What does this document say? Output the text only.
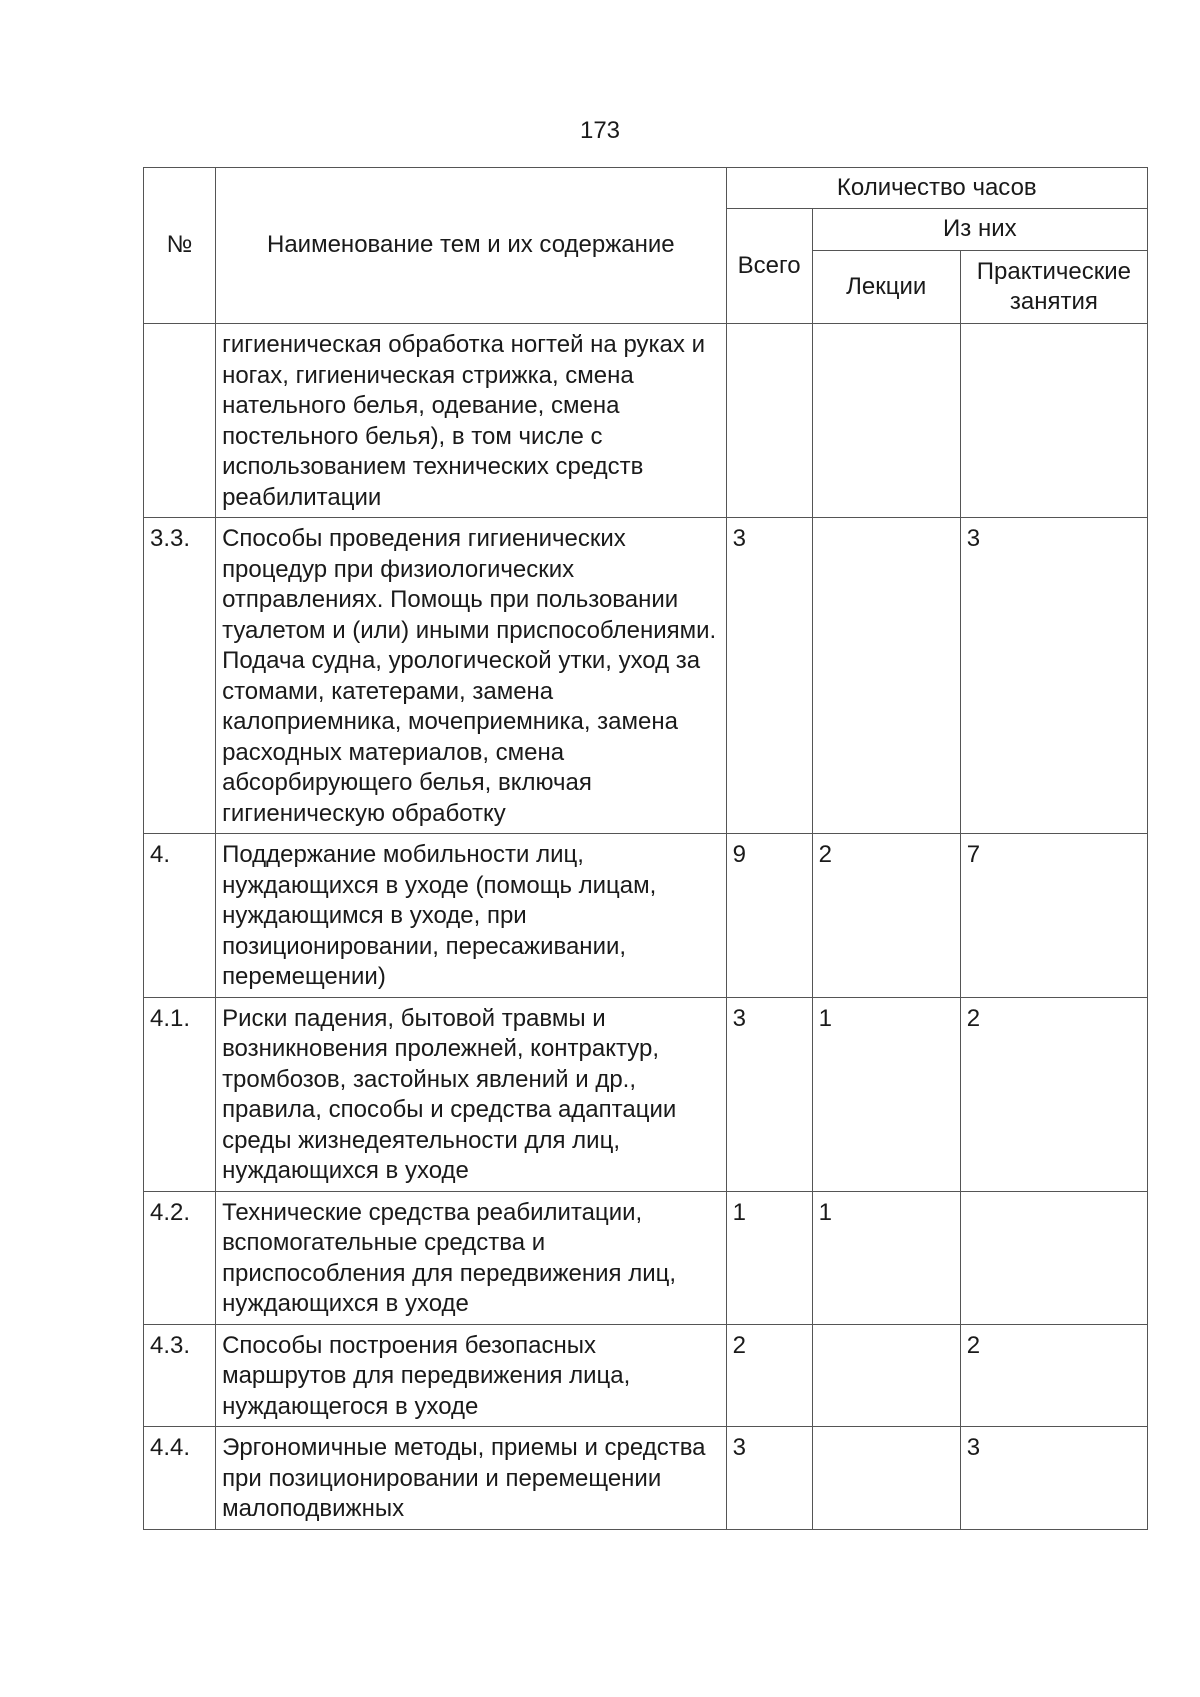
173
№	Наименование тем и их содержание	Количество часов		
		Всего	Из них	
			Лекции	Практические занятия
	гигиеническая обработка ногтей на руках и ногах, гигиеническая стрижка, смена нательного белья, одевание, смена постельного белья), в том числе с использованием технических средств реабилитации			
3.3.	Способы проведения гигиенических процедур при физиологических отправлениях. Помощь при пользовании туалетом и (или) иными приспособлениями. Подача судна, урологической утки, уход за стомами, катетерами, замена калоприемника, мочеприемника, замена расходных материалов, смена абсорбирующего белья, включая гигиеническую обработку	3		3
4.	Поддержание мобильности лиц, нуждающихся в уходе (помощь лицам, нуждающимся в уходе, при позиционировании, пересаживании, перемещении)	9	2	7
4.1.	Риски падения, бытовой травмы и возникновения пролежней, контрактур, тромбозов, застойных явлений и др., правила, способы и средства адаптации среды жизнедеятельности для лиц, нуждающихся в уходе	3	1	2
4.2.	Технические средства реабилитации, вспомогательные средства и приспособления для передвижения лиц, нуждающихся в уходе	1	1	
4.3.	Способы построения безопасных маршрутов для передвижения лица, нуждающегося в уходе	2		2
4.4.	Эргономичные методы, приемы и средства при позиционировании и перемещении малоподвижных	3		3
